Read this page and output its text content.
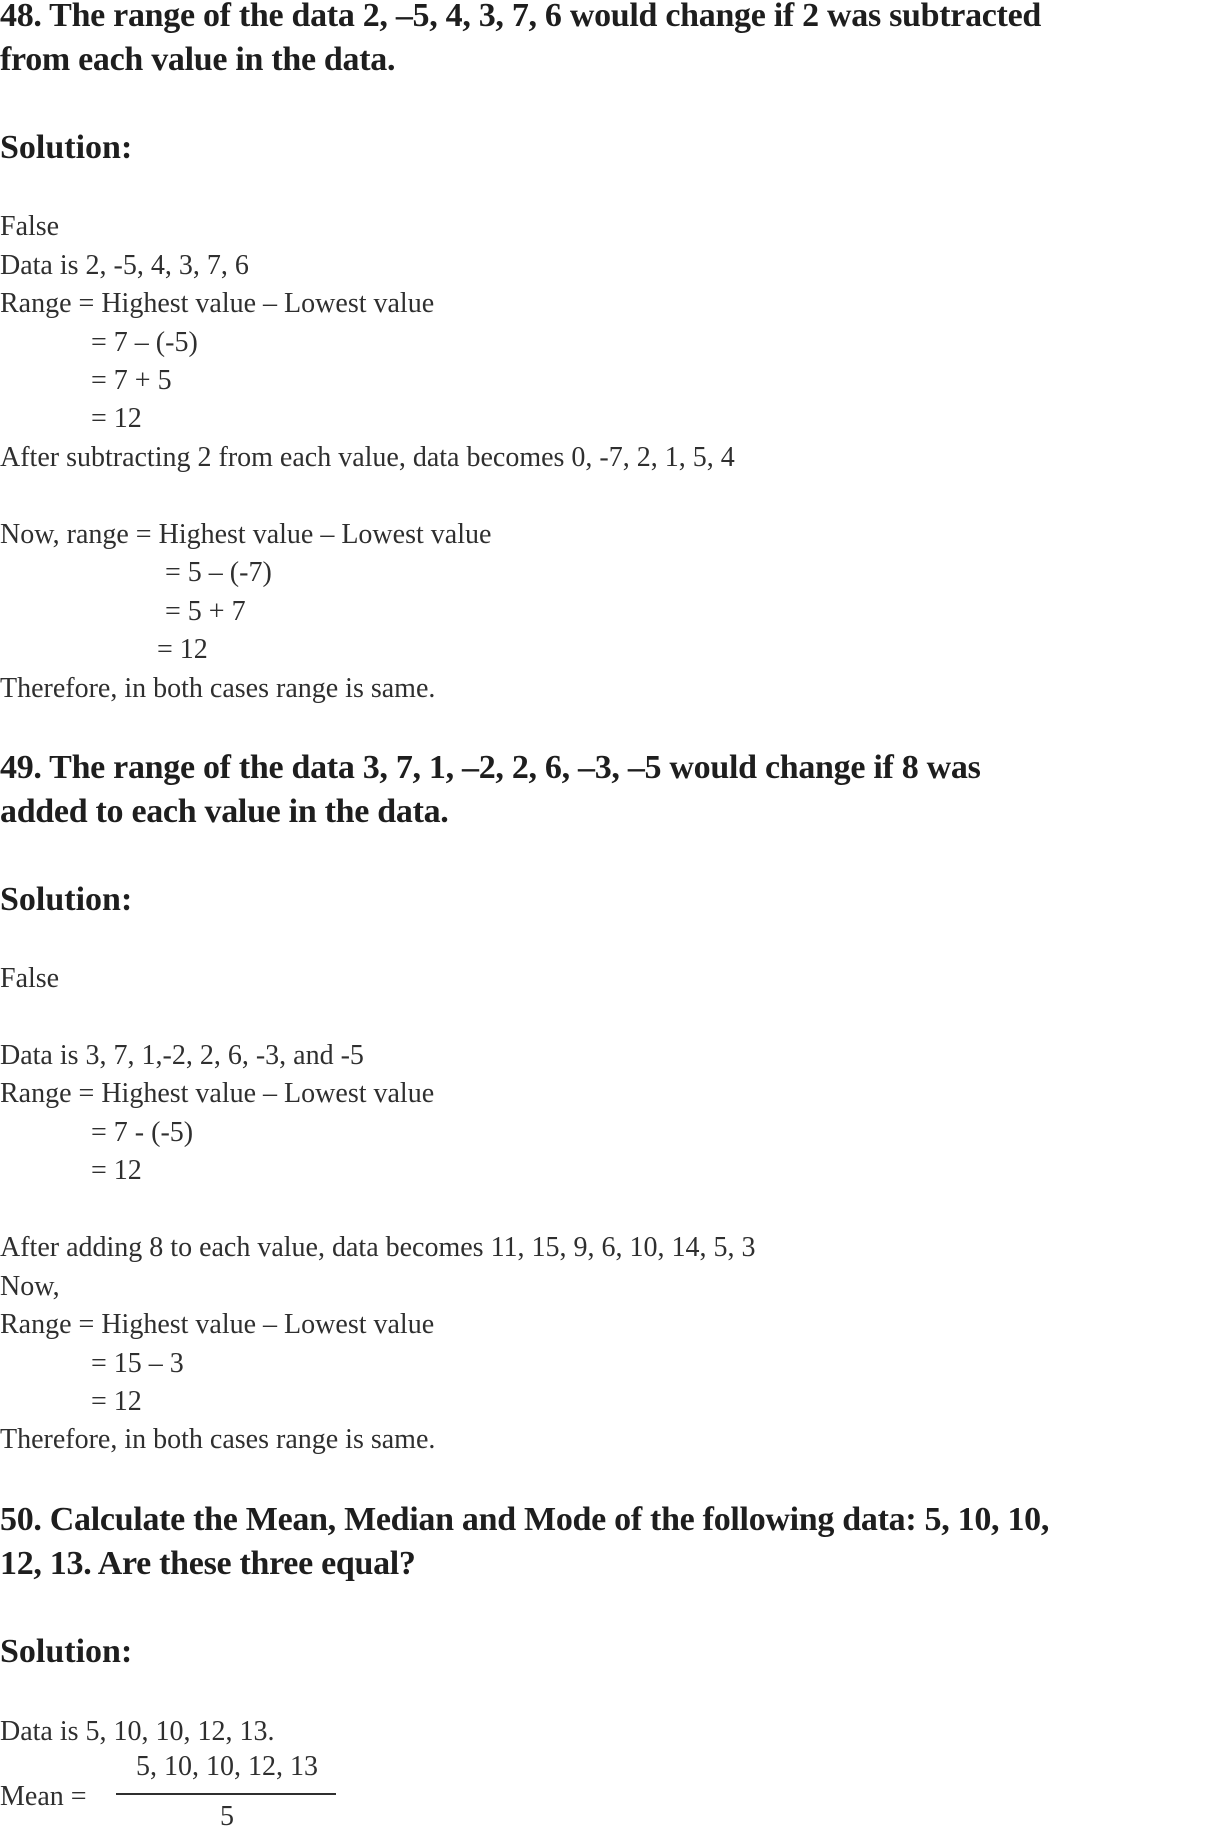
48. The range of the data 2, –5, 4, 3, 7, 6 would change if 2 was subtracted
from each value in the data.
Solution:
False
Data is 2, -5, 4, 3, 7, 6
Range = Highest value – Lowest value
= 7 – (-5)
= 7 + 5
= 12
After subtracting 2 from each value, data becomes 0, -7, 2, 1, 5, 4
Now, range = Highest value – Lowest value
= 5 – (-7)
= 5 + 7
= 12
Therefore, in both cases range is same.
49. The range of the data 3, 7, 1, –2, 2, 6, –3, –5 would change if 8 was
added to each value in the data.
Solution:
False
Data is 3, 7, 1,-2, 2, 6, -3, and -5
Range = Highest value – Lowest value
= 7 - (-5)
= 12
After adding 8 to each value, data becomes 11, 15, 9, 6, 10, 14, 5, 3
Now,
Range = Highest value – Lowest value
= 15 – 3
= 12
Therefore, in both cases range is same.
50. Calculate the Mean, Median and Mode of the following data: 5, 10, 10,
12, 13. Are these three equal?
Solution:
Data is 5, 10, 10, 12, 13.
Mean =
5, 10, 10, 12, 13
5
